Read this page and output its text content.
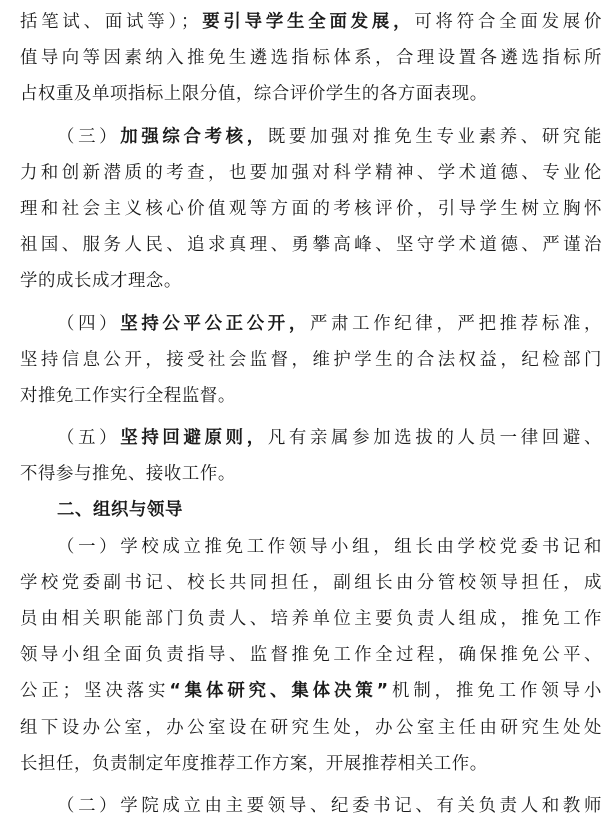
括笔试、面试等）；要引导学生全面发展，可将符合全面发展价
值导向等因素纳入推免生遴选指标体系，合理设置各遴选指标所
占权重及单项指标上限分值，综合评价学生的各方面表现。
（三）加强综合考核，既要加强对推免生专业素养、研究能
力和创新潜质的考查，也要加强对科学精神、学术道德、专业伦
理和社会主义核心价值观等方面的考核评价，引导学生树立胸怀
祖国、服务人民、追求真理、勇攀高峰、坚守学术道德、严谨治
学的成长成才理念。
（四）坚持公平公正公开，严肃工作纪律，严把推荐标准，
坚持信息公开，接受社会监督，维护学生的合法权益，纪检部门
对推免工作实行全程监督。
（五）坚持回避原则，凡有亲属参加选拔的人员一律回避、
不得参与推免、接收工作。
二、组织与领导
（一）学校成立推免工作领导小组，组长由学校党委书记和
学校党委副书记、校长共同担任，副组长由分管校领导担任，成
员由相关职能部门负责人、培养单位主要负责人组成，推免工作
领导小组全面负责指导、监督推免工作全过程，确保推免公平、
公正；坚决落实“集体研究、集体决策”机制，推免工作领导小
组下设办公室，办公室设在研究生处，办公室主任由研究生处处
长担任，负责制定年度推荐工作方案，开展推荐相关工作。
（二）学院成立由主要领导、纪委书记、有关负责人和教师
